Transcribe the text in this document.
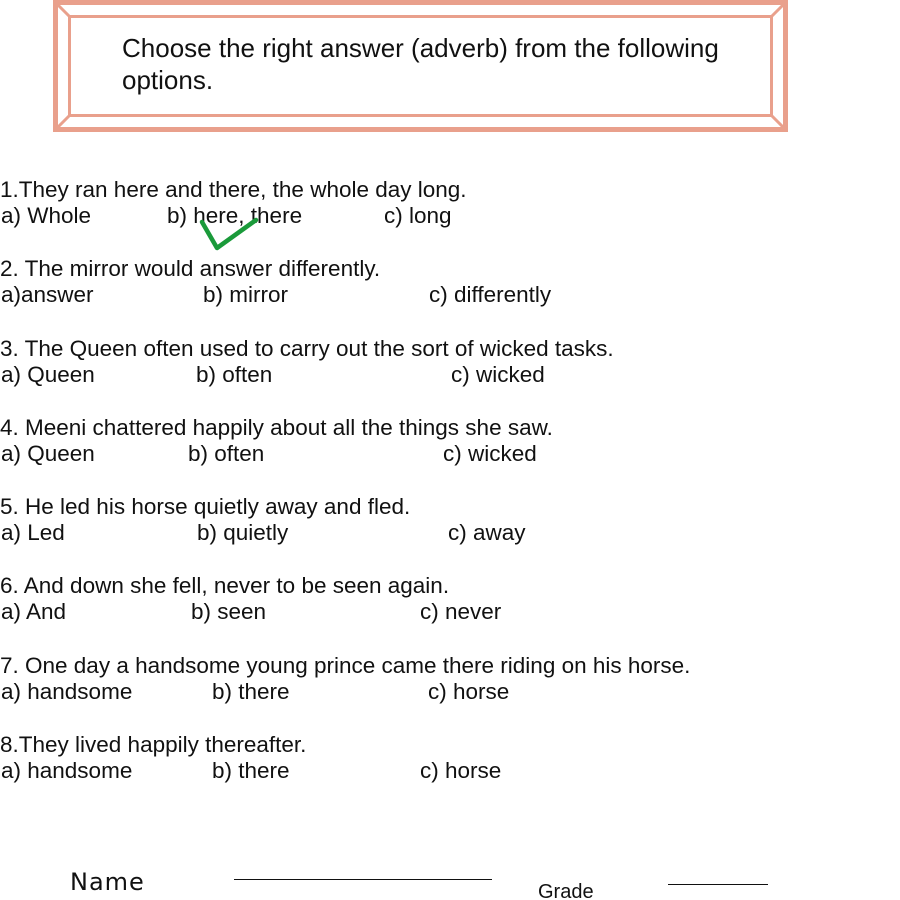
Choose the right answer (adverb) from the following options.

1.They ran here and there, the whole day long.
a) Whole	b) here, there	c) long
2. The mirror would answer differently.
a)answer	b) mirror	c) differently
3. The Queen often used to carry out the sort of wicked tasks.
a) Queen	b) often	c) wicked
4. Meeni chattered happily about all the things she saw.
a) Queen	b) often	c) wicked
5. He led his horse quietly away and fled.
a) Led	b) quietly	c) away
6. And down she fell, never to be seen again.
a) And	b) seen	c) never
7. One day a handsome young prince came there riding on his horse.
a) handsome	b) there	c) horse
8.They lived happily thereafter.
a) handsome	b) there	c) horse
Name	Grade
